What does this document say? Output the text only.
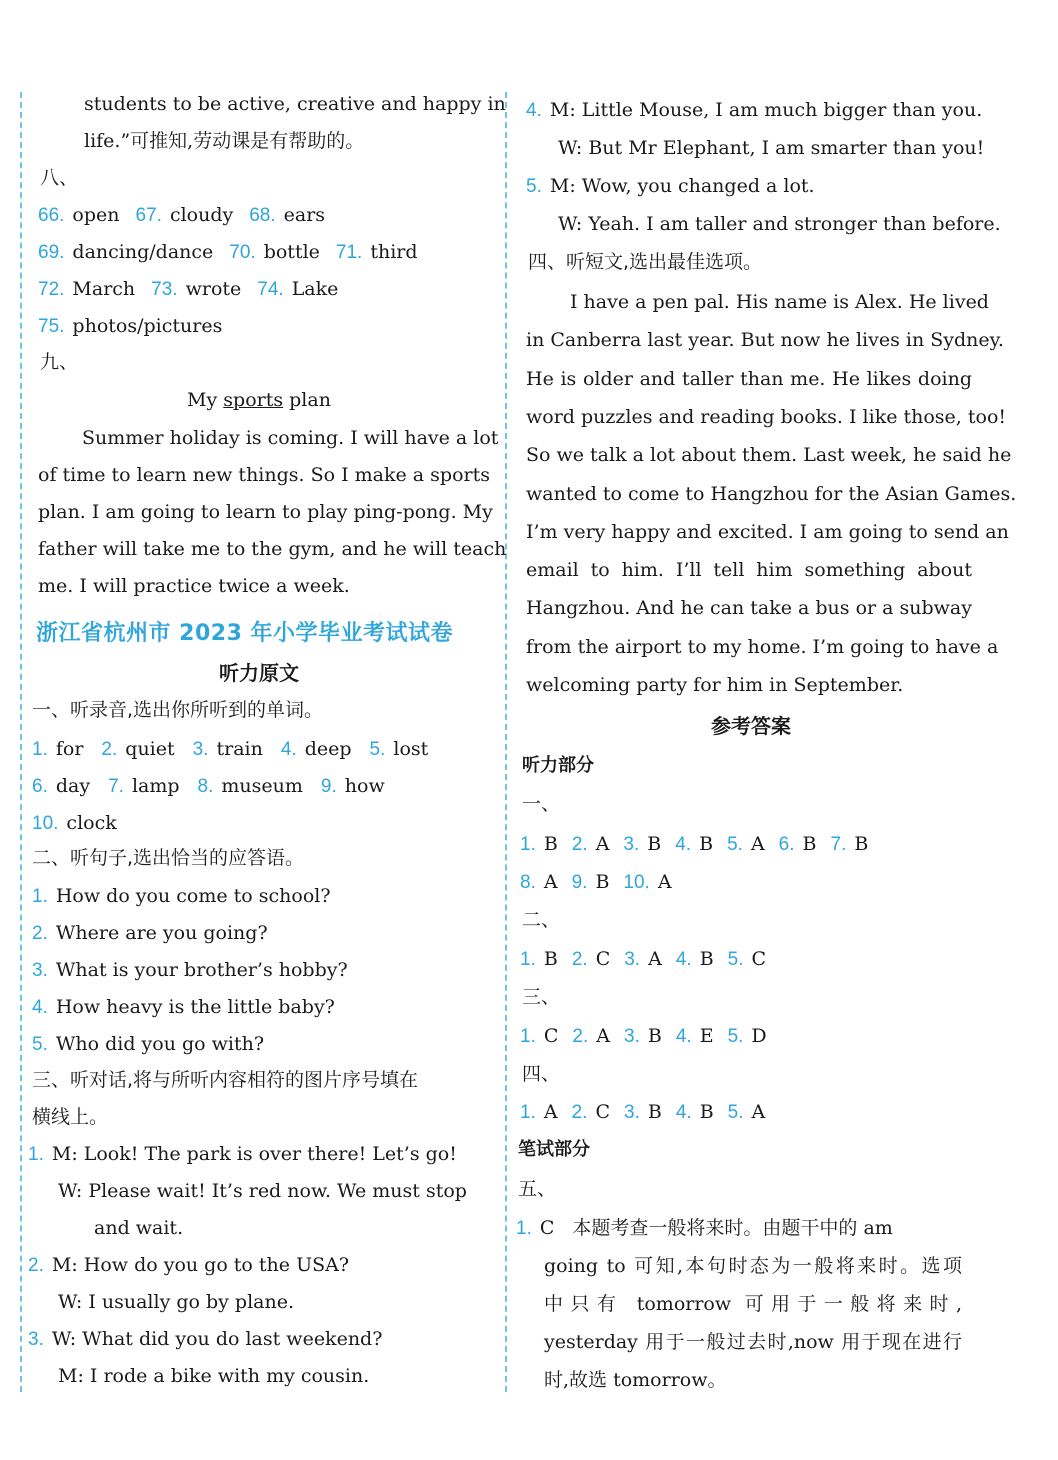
students to be active, creative and happy in
life.”可推知,劳动课是有帮助的。
八、
66. open 67. cloudy 68. ears
69. dancing/dance 70. bottle 71. third
72. March 73. wrote 74. Lake
75. photos/pictures
九、
My sports plan
Summer holiday is coming. I will have a lot
of time to learn new things. So I make a sports
plan. I am going to learn to play ping-pong. My
father will take me to the gym, and he will teach
me. I will practice twice a week.
浙江省杭州市 2023 年小学毕业考试试卷
听力原文
一、听录音,选出你所听到的单词。
1. for 2. quiet 3. train 4. deep 5. lost
6. day 7. lamp 8. museum 9. how
10. clock
二、听句子,选出恰当的应答语。
1. How do you come to school?
2. Where are you going?
3. What is your brother’s hobby?
4. How heavy is the little baby?
5. Who did you go with?
三、听对话,将与所听内容相符的图片序号填在
横线上。
1. M: Look! The park is over there! Let’s go!
W: Please wait! It’s red now. We must stop
and wait.
2. M: How do you go to the USA?
W: I usually go by plane.
3. W: What did you do last weekend?
M: I rode a bike with my cousin.
4. M: Little Mouse, I am much bigger than you.
W: But Mr Elephant, I am smarter than you!
5. M: Wow, you changed a lot.
W: Yeah. I am taller and stronger than before.
四、听短文,选出最佳选项。
I have a pen pal. His name is Alex. He lived
in Canberra last year. But now he lives in Sydney.
He is older and taller than me. He likes doing
word puzzles and reading books. I like those, too!
So we talk a lot about them. Last week, he said he
wanted to come to Hangzhou for the Asian Games.
I’m very happy and excited. I am going to send an
email to him. I’ll tell him something about
Hangzhou. And he can take a bus or a subway
from the airport to my home. I’m going to have a
welcoming party for him in September.
参考答案
听力部分
一、
1. B 2. A 3. B 4. B 5. A 6. B 7. B
8. A 9. B 10. A
二、
1. B 2. C 3. A 4. B 5. C
三、
1. C 2. A 3. B 4. E 5. D
四、
1. A 2. C 3. B 4. B 5. A
笔试部分
五、
1. C 本题考查一般将来时。由题干中的 am
going to 可知,本句时态为一般将来时。选项
中只有 tomorrow 可用于一般将来时,
yesterday 用于一般过去时,now 用于现在进行
时,故选 tomorrow。
